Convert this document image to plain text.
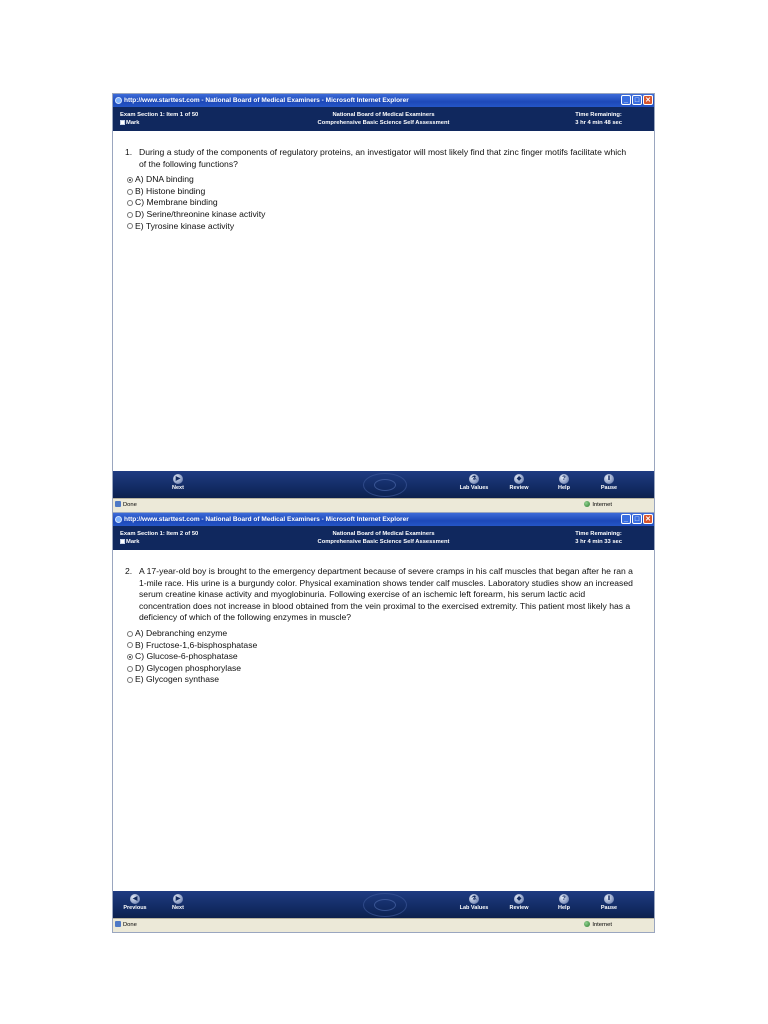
http://www.starttest.com - National Board of Medical Examiners - Microsoft Internet Explorer	_ □ ✕
Exam Section 1: Item 1 of 50
Mark
National Board of Medical Examiners
Comprehensive Basic Science Self Assessment
Time Remaining:
3 hr 4 min 48 sec
1. During a study of the components of regulatory proteins, an investigator will most likely find that zinc finger motifs facilitate which of the following functions?
A) DNA binding
B) Histone binding
C) Membrane binding
D) Serine/threonine kinase activity
E) Tyrosine kinase activity
▶
Next
⚗
Lab Values
◆
Review
?
Help
‖
Pause
Done	Internet
http://www.starttest.com - National Board of Medical Examiners - Microsoft Internet Explorer	_ □ ✕
Exam Section 1: Item 2 of 50
Mark
National Board of Medical Examiners
Comprehensive Basic Science Self Assessment
Time Remaining:
3 hr 4 min 33 sec
2. A 17-year-old boy is brought to the emergency department because of severe cramps in his calf muscles that began after he ran a 1-mile race. His urine is a burgundy color. Physical examination shows tender calf muscles. Laboratory studies show an increased serum creatine kinase activity and myoglobinuria. Following exercise of an ischemic left forearm, his serum lactic acid concentration does not increase in blood obtained from the vein proximal to the exercised extremity. This patient most likely has a deficiency of which of the following enzymes in muscle?
A) Debranching enzyme
B) Fructose-1,6-bisphosphatase
C) Glucose-6-phosphatase
D) Glycogen phosphorylase
E) Glycogen synthase
◀
Previous
▶
Next
⚗
Lab Values
◆
Review
?
Help
‖
Pause
Done	Internet
